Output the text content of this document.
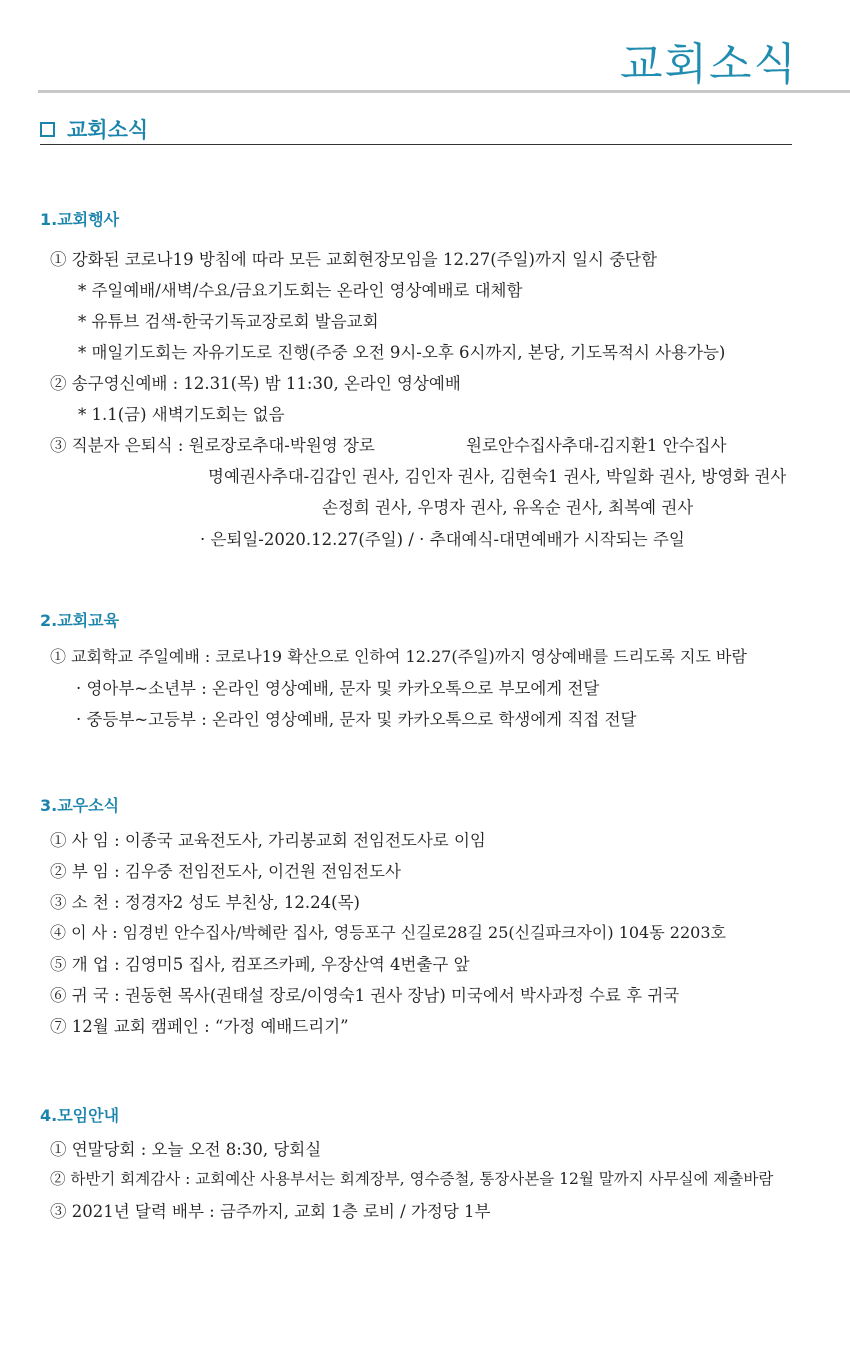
교회소식
교회소식
1.교회행사
① 강화된 코로나19 방침에 따라 모든 교회현장모임을 12.27(주일)까지 일시 중단함
* 주일예배/새벽/수요/금요기도회는 온라인 영상예배로 대체함
* 유튜브 검색-한국기독교장로회 발음교회
* 매일기도회는 자유기도로 진행(주중 오전 9시-오후 6시까지, 본당, 기도목적시 사용가능)
② 송구영신예배 : 12.31(목) 밤 11:30, 온라인 영상예배
* 1.1(금) 새벽기도회는 없음
③ 직분자 은퇴식 : 원로장로추대-박원영 장로	원로안수집사추대-김지환1 안수집사
명예권사추대-김갑인 권사, 김인자 권사, 김현숙1 권사, 박일화 권사, 방영화 권사
손정희 권사, 우명자 권사, 유옥순 권사, 최복예 권사
· 은퇴일-2020.12.27(주일) / · 추대예식-대면예배가 시작되는 주일
2.교회교육
① 교회학교 주일예배 : 코로나19 확산으로 인하여 12.27(주일)까지 영상예배를 드리도록 지도 바람
· 영아부~소년부 : 온라인 영상예배, 문자 및 카카오톡으로 부모에게 전달
· 중등부~고등부 : 온라인 영상예배, 문자 및 카카오톡으로 학생에게 직접 전달
3.교우소식
① 사 임 : 이종국 교육전도사, 가리봉교회 전임전도사로 이임
② 부 임 : 김우중 전임전도사, 이건원 전임전도사
③ 소 천 : 정경자2 성도 부친상, 12.24(목)
④ 이 사 : 임경빈 안수집사/박혜란 집사, 영등포구 신길로28길 25(신길파크자이) 104동 2203호
⑤ 개 업 : 김영미5 집사, 컴포즈카페, 우장산역 4번출구 앞
⑥ 귀 국 : 권동현 목사(권태설 장로/이영숙1 권사 장남) 미국에서 박사과정 수료 후 귀국
⑦ 12월 교회 캠페인 : “가정 예배드리기”
4.모임안내
① 연말당회 : 오늘 오전 8:30, 당회실
② 하반기 회계감사 : 교회예산 사용부서는 회계장부, 영수증철, 통장사본을 12월 말까지 사무실에 제출바람
③ 2021년 달력 배부 : 금주까지, 교회 1층 로비 / 가정당 1부
